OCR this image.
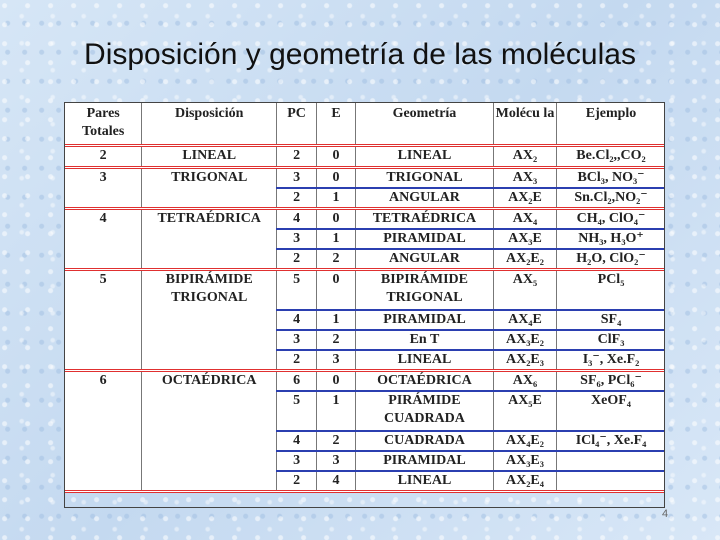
Disposición y geometría de las moléculas
Pares Totales	Disposición	PC	E	Geometría	Molécu la	Ejemplo
2	LINEAL	2	0	LINEAL	AX₂	Be.Cl₂,,CO₂
3	TRIGONAL	3	0	TRIGONAL	AX₃	BCl₃, NO₃⁻
		2	1	ANGULAR	AX₂E	Sn.Cl₂,NO₂⁻
4	TETRAÉDRICA	4	0	TETRAÉDRICA	AX₄	CH₄, ClO₄⁻
		3	1	PIRAMIDAL	AX₃E	NH₃, H₃O⁺
		2	2	ANGULAR	AX₂E₂	H₂O, ClO₂⁻
5	BIPIRÁMIDE TRIGONAL	5	0	BIPIRÁMIDE TRIGONAL	AX₅	PCl₅
		4	1	PIRAMIDAL	AX₄E	SF₄
		3	2	En T	AX₃E₂	ClF₃
		2	3	LINEAL	AX₂E₃	I₃⁻, Xe.F₂
6	OCTAÉDRICA	6	0	OCTAÉDRICA	AX₆	SF₆, PCl₆⁻
		5	1	PIRÁMIDE CUADRADA	AX₅E	XeOF₄
		4	2	CUADRADA	AX₄E₂	ICl₄⁻, Xe.F₄
		3	3	PIRAMIDAL	AX₃E₃	
		2	4	LINEAL	AX₂E₄	
4
